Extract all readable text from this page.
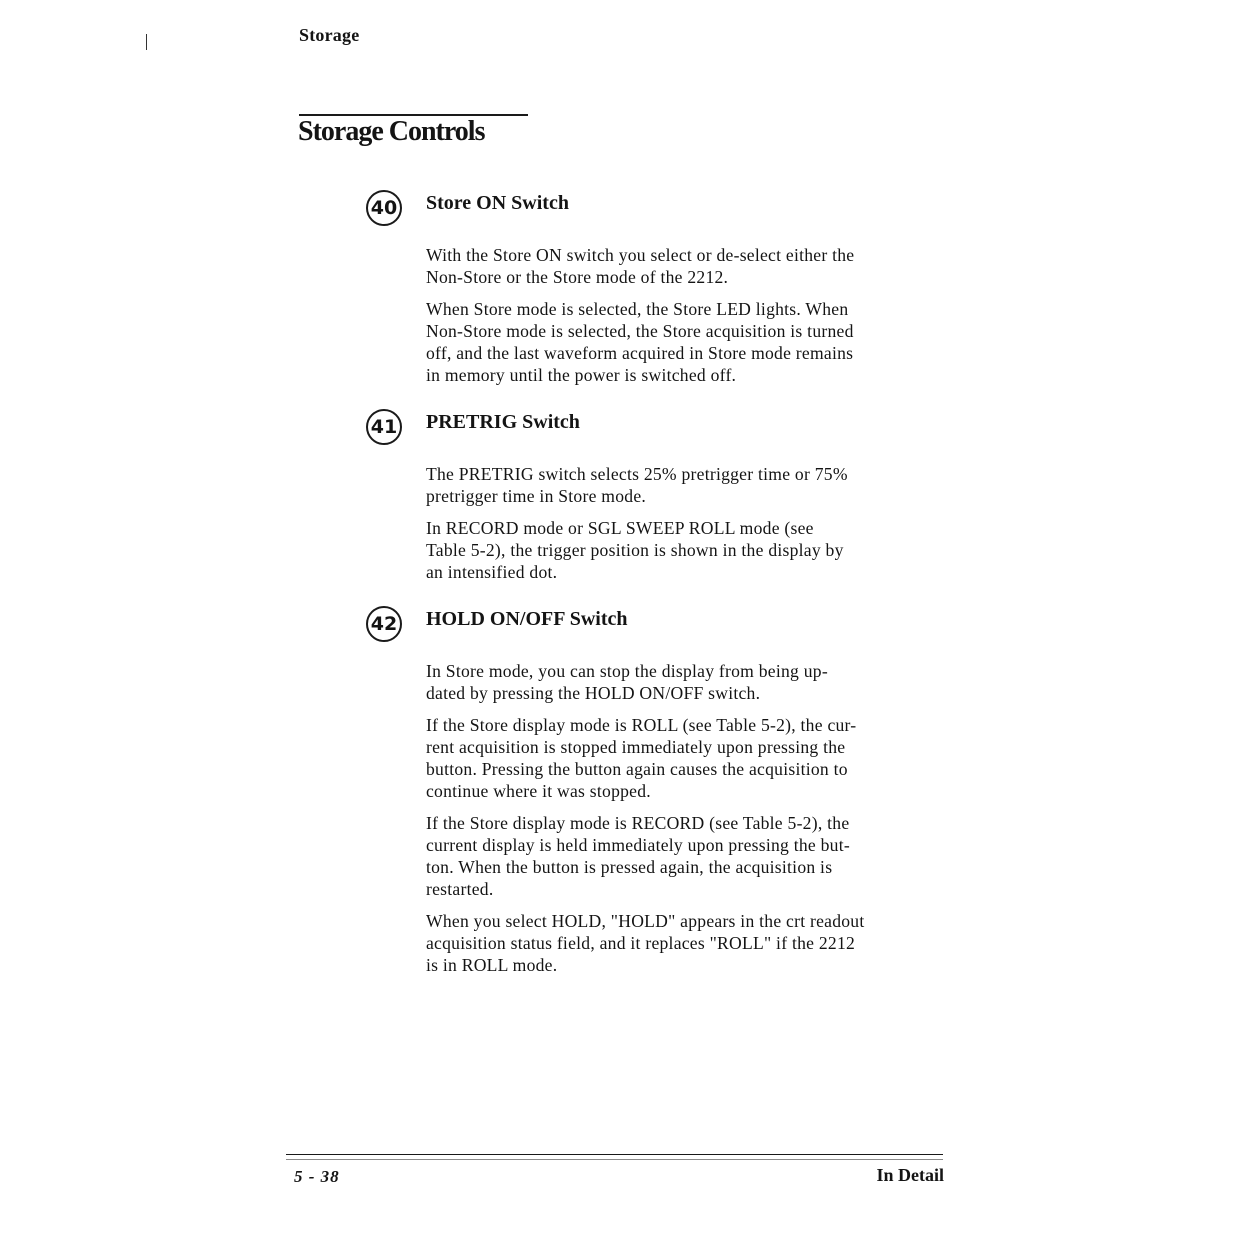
Storage
Storage Controls
40 Store ON Switch

With the Store ON switch you select or de-select either the
Non-Store or the Store mode of the 2212.

When Store mode is selected, the Store LED lights. When
Non-Store mode is selected, the Store acquisition is turned
off, and the last waveform acquired in Store mode remains
in memory until the power is switched off.

41 PRETRIG Switch

The PRETRIG switch selects 25% pretrigger time or 75%
pretrigger time in Store mode.

In RECORD mode or SGL SWEEP ROLL mode (see
Table 5-2), the trigger position is shown in the display by
an intensified dot.

42 HOLD ON/OFF Switch

In Store mode, you can stop the display from being up-
dated by pressing the HOLD ON/OFF switch.

If the Store display mode is ROLL (see Table 5-2), the cur-
rent acquisition is stopped immediately upon pressing the
button. Pressing the button again causes the acquisition to
continue where it was stopped.

If the Store display mode is RECORD (see Table 5-2), the
current display is held immediately upon pressing the but-
ton. When the button is pressed again, the acquisition is
restarted.

When you select HOLD, "HOLD" appears in the crt readout
acquisition status field, and it replaces "ROLL" if the 2212
is in ROLL mode.

5 - 38	In Detail
